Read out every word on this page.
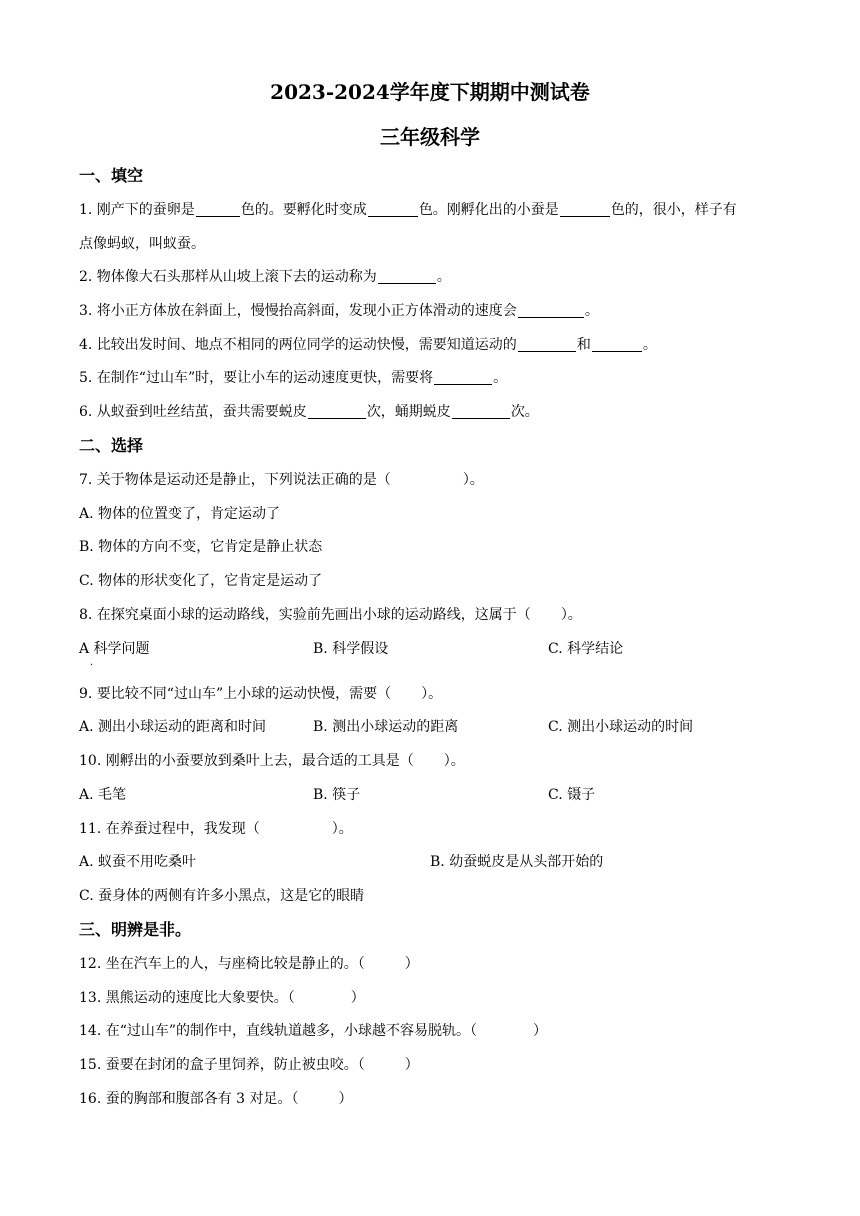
2023-2024学年度下期期中测试卷
三年级科学
一、填空
1. 刚产下的蚕卵是	色的。要孵化时变成	色。刚孵化出的小蚕是	色的，很小，样子有
点像蚂蚁，叫蚁蚕。
2. 物体像大石头那样从山坡上滚下去的运动称为	。
3. 将小正方体放在斜面上，慢慢抬高斜面，发现小正方体滑动的速度会	。
4. 比较出发时间、地点不相同的两位同学的运动快慢，需要知道运动的	和	。
5. 在制作“过山车”时，要让小车的运动速度更快，需要将	。
6. 从蚁蚕到吐丝结茧，蚕共需要蜕皮	次，蛹期蜕皮	次。
二、选择
7. 关于物体是运动还是静止，下列说法正确的是（	）。
A. 物体的位置变了，肯定运动了
B. 物体的方向不变，它肯定是静止状态
C. 物体的形状变化了，它肯定是运动了
8. 在探究桌面小球的运动路线，实验前先画出小球的运动路线，这属于（ ）。
A 科学问题
·
B. 科学假设	C. 科学结论
9. 要比较不同“过山车”上小球的运动快慢，需要（ ）。
A. 测出小球运动的距离和时间	B. 测出小球运动的距离	C. 测出小球运动的时间
10. 刚孵出的小蚕要放到桑叶上去，最合适的工具是（ ）。
A. 毛笔	B. 筷子	C. 镊子
11. 在养蚕过程中，我发现（	）。
A. 蚁蚕不用吃桑叶	B. 幼蚕蜕皮是从头部开始的
C. 蚕身体的两侧有许多小黑点，这是它的眼睛
三、明辨是非。
12. 坐在汽车上的人，与座椅比较是静止的。（	）
13. 黑熊运动的速度比大象要快。（	）
14. 在“过山车”的制作中，直线轨道越多，小球越不容易脱轨。（	）
15. 蚕要在封闭的盒子里饲养，防止被虫咬。（	）
16. 蚕的胸部和腹部各有 3 对足。（	）
